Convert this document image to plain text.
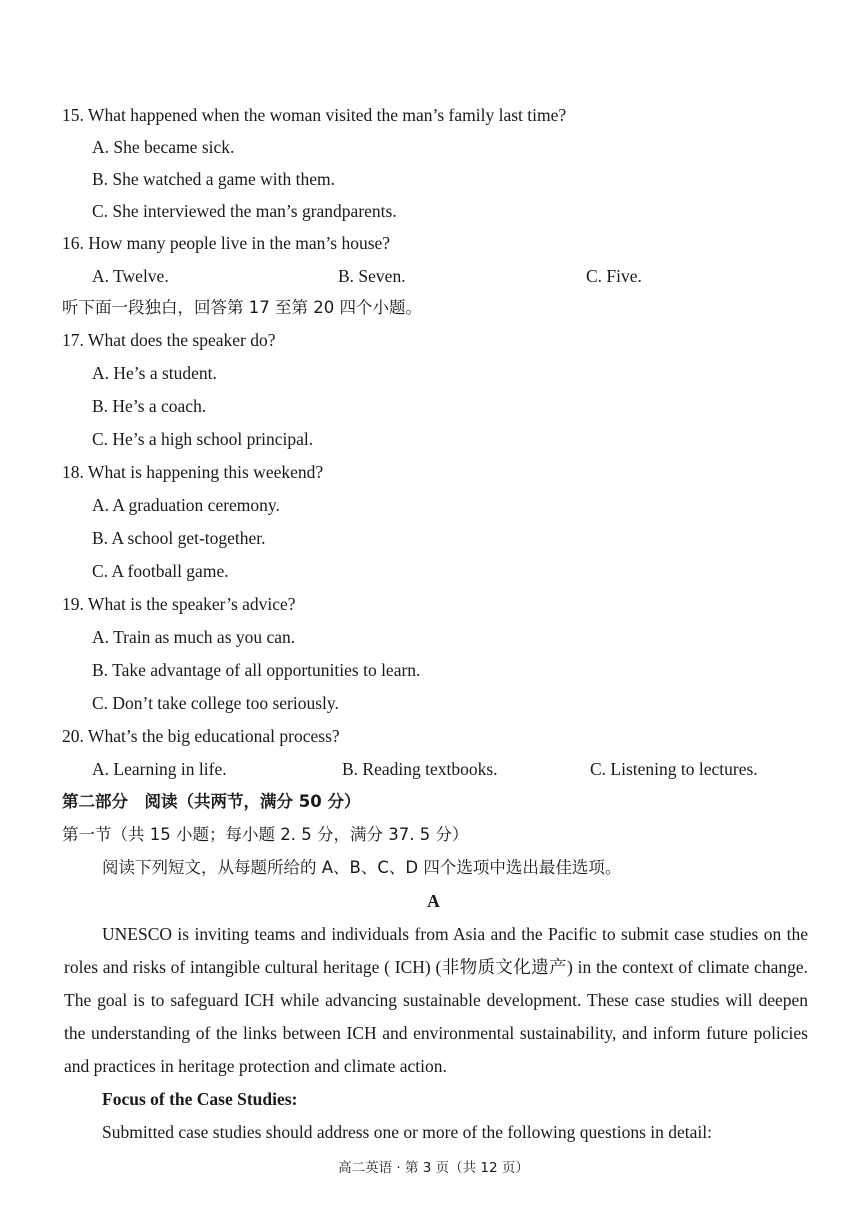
15. What happened when the woman visited the man’s family last time?
A. She became sick.
B. She watched a game with them.
C. She interviewed the man’s grandparents.
16. How many people live in the man’s house?
A. Twelve.	B. Seven.	C. Five.
听下面一段独白，回答第 17 至第 20 四个小题。
17. What does the speaker do?
A. He’s a student.
B. He’s a coach.
C. He’s a high school principal.
18. What is happening this weekend?
A. A graduation ceremony.
B. A school get-together.
C. A football game.
19. What is the speaker’s advice?
A. Train as much as you can.
B. Take advantage of all opportunities to learn.
C. Don’t take college too seriously.
20. What’s the big educational process?
A. Learning in life.	B. Reading textbooks.	C. Listening to lectures.
第二部分　阅读（共两节，满分 50 分）
第一节（共 15 小题；每小题 2. 5 分，满分 37. 5 分）
阅读下列短文，从每题所给的 A、B、C、D 四个选项中选出最佳选项。
A
UNESCO is inviting teams and individuals from Asia and the Pacific to submit case studies on the roles and risks of intangible cultural heritage ( ICH) (非物质文化遗产) in the context of climate change. The goal is to safeguard ICH while advancing sustainable development. These case studies will deepen the understanding of the links between ICH and environmental sustainability, and inform future policies and practices in heritage protection and climate action.
Focus of the Case Studies:
Submitted case studies should address one or more of the following questions in detail:
高二英语 · 第 3 页（共 12 页）
